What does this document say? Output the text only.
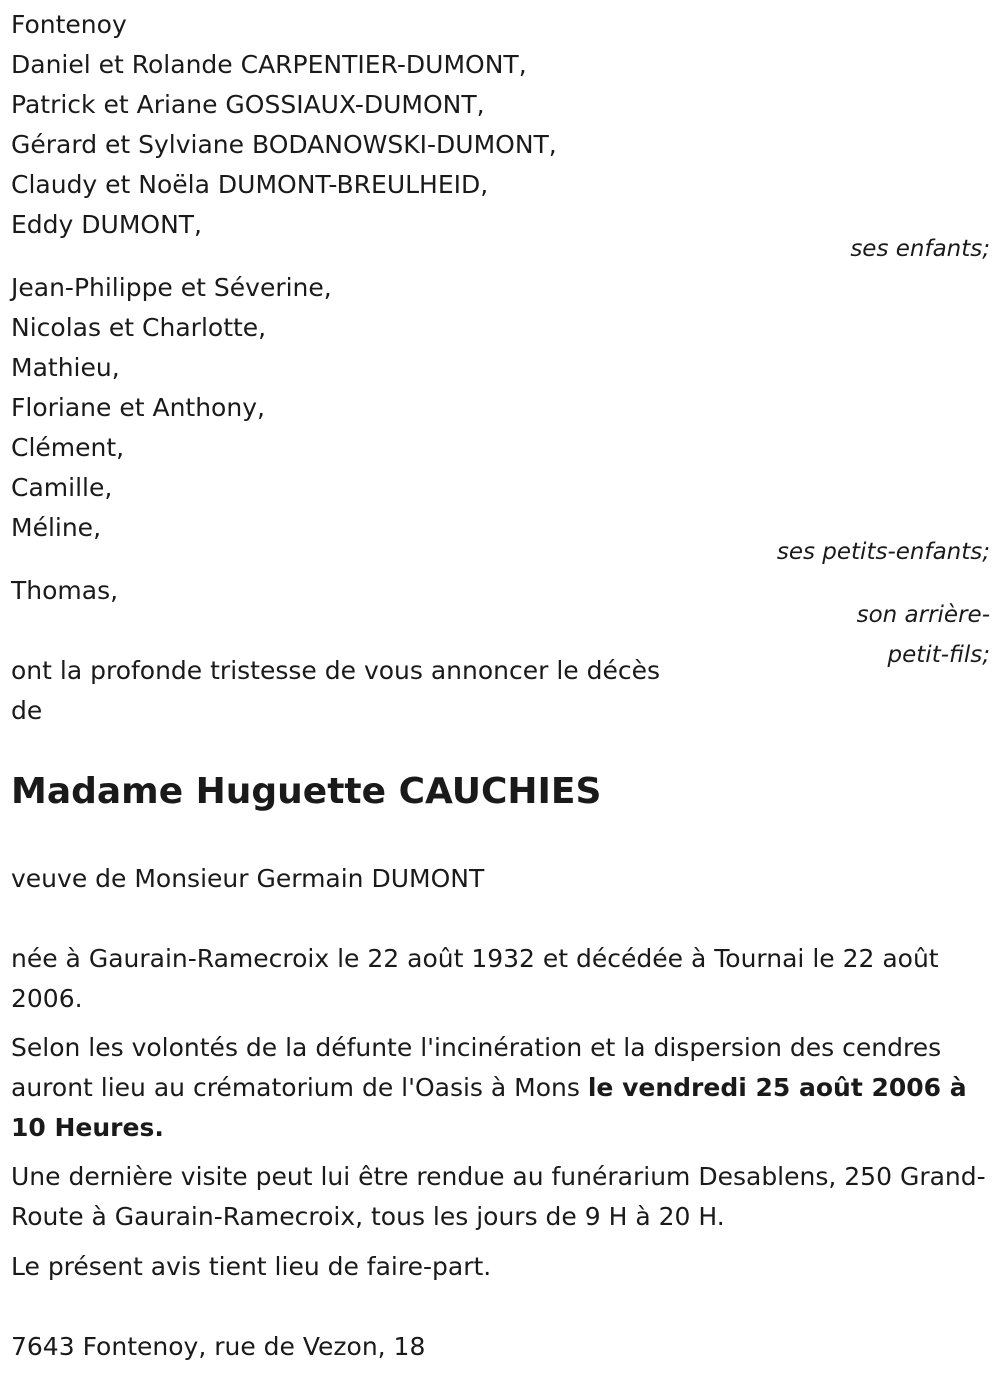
Fontenoy
Daniel et Rolande CARPENTIER-DUMONT,
Patrick et Ariane GOSSIAUX-DUMONT,
Gérard et Sylviane BODANOWSKI-DUMONT,
Claudy et Noëla DUMONT-BREULHEID,
Eddy DUMONT,
ses enfants;
Jean-Philippe et Séverine,
Nicolas et Charlotte,
Mathieu,
Floriane et Anthony,
Clément,
Camille,
Méline,
ses petits-enfants;
Thomas,
son arrière-
petit-fils;
ont la profonde tristesse de vous annoncer le décès
de
Madame Huguette CAUCHIES
veuve de Monsieur Germain DUMONT
née à Gaurain-Ramecroix le 22 août 1932 et décédée à Tournai le 22 août 2006.
Selon les volontés de la défunte l'incinération et la dispersion des cendres auront lieu au crématorium de l'Oasis à Mons le vendredi 25 août 2006 à 10 Heures.
Une dernière visite peut lui être rendue au funérarium Desablens, 250 Grand-Route à Gaurain-Ramecroix, tous les jours de 9 H à 20 H.
Le présent avis tient lieu de faire-part.
7643 Fontenoy, rue de Vezon, 18
